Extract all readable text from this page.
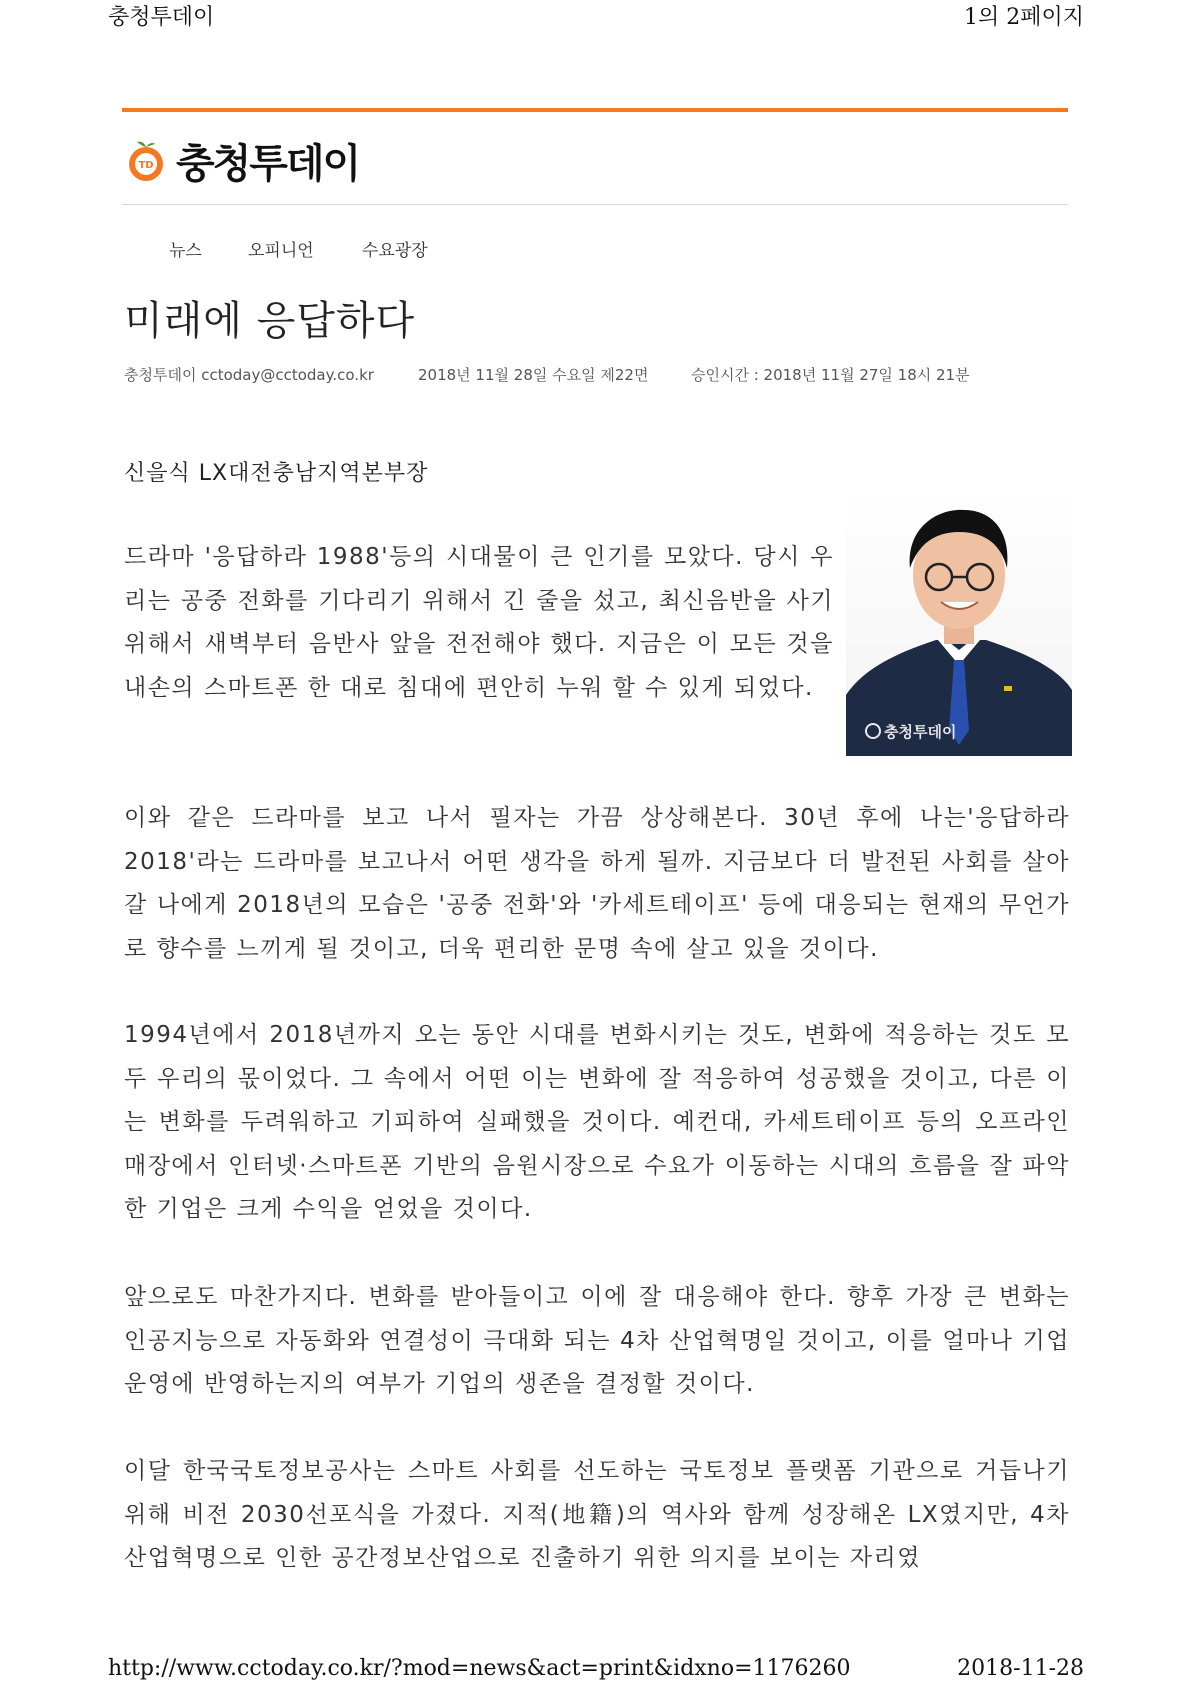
충청투데이	1의 2페이지
TD 충청투데이
뉴스	오피니언	수요광장
미래에 응답하다
충청투데이 cctoday@cctoday.co.kr	2018년 11월 28일 수요일 제22면	승인시간 : 2018년 11월 27일 18시 21분
신을식 LX대전충남지역본부장
충청투데이

드라마 '응답하라 1988'등의 시대물이 큰 인기를 모았다. 당시 우리는 공중 전화를 기다리기 위해서 긴 줄을 섰고, 최신음반을 사기 위해서 새벽부터 음반사 앞을 전전해야 했다. 지금은 이 모든 것을 내손의 스마트폰 한 대로 침대에 편안히 누워 할 수 있게 되었다.

이와 같은 드라마를 보고 나서 필자는 가끔 상상해본다. 30년 후에 나는'응답하라 2018'라는 드라마를 보고나서 어떤 생각을 하게 될까. 지금보다 더 발전된 사회를 살아갈 나에게 2018년의 모습은 '공중 전화'와 '카세트테이프' 등에 대응되는 현재의 무언가로 향수를 느끼게 될 것이고, 더욱 편리한 문명 속에 살고 있을 것이다.

1994년에서 2018년까지 오는 동안 시대를 변화시키는 것도, 변화에 적응하는 것도 모두 우리의 몫이었다. 그 속에서 어떤 이는 변화에 잘 적응하여 성공했을 것이고, 다른 이는 변화를 두려워하고 기피하여 실패했을 것이다. 예컨대, 카세트테이프 등의 오프라인 매장에서 인터넷·스마트폰 기반의 음원시장으로 수요가 이동하는 시대의 흐름을 잘 파악한 기업은 크게 수익을 얻었을 것이다.

앞으로도 마찬가지다. 변화를 받아들이고 이에 잘 대응해야 한다. 향후 가장 큰 변화는 인공지능으로 자동화와 연결성이 극대화 되는 4차 산업혁명일 것이고, 이를 얼마나 기업운영에 반영하는지의 여부가 기업의 생존을 결정할 것이다.

이달 한국국토정보공사는 스마트 사회를 선도하는 국토정보 플랫폼 기관으로 거듭나기 위해 비전 2030선포식을 가졌다. 지적(地籍)의 역사와 함께 성장해온 LX였지만, 4차 산업혁명으로 인한 공간정보산업으로 진출하기 위한 의지를 보이는 자리였

http://www.cctoday.co.kr/?mod=news&act=print&idxno=1176260	2018-11-28
